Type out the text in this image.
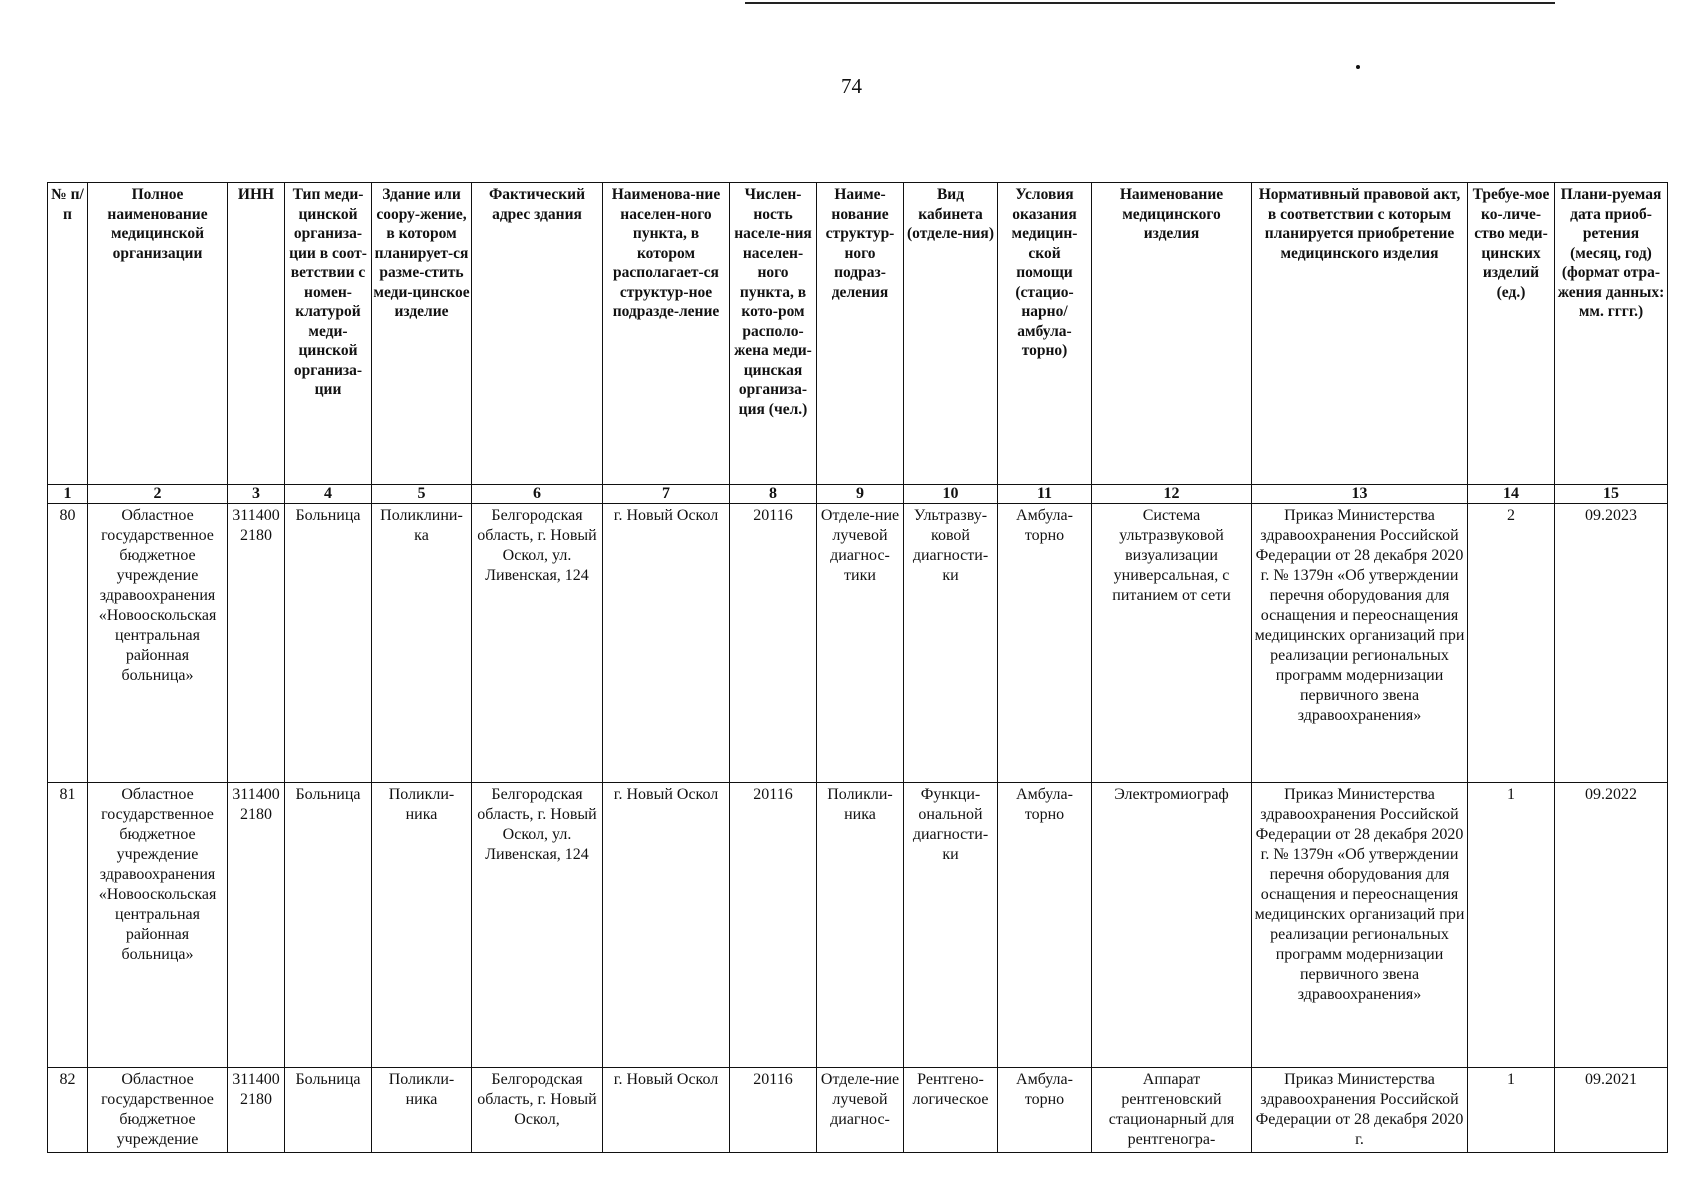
74
№ п/п	Полное наименование медицинской организации	ИНН	Тип меди-цинской организа-ции в соот-ветствии с номен-клатурой меди-цинской организа-ции	Здание или соору-жение, в котором планирует-ся разме-стить меди-цинское изделие	Фактический адрес здания	Наименова-ние населен-ного пункта, в котором располагает-ся структур-ное подразде-ление	Числен-ность населе-ния населен-ного пункта, в кото-ром располо-жена меди-цинская организа-ция (чел.)	Наиме-нование структур-ного подраз-деления	Вид кабинета (отделе-ния)	Условия оказания медицин-ской помощи (стацио-нарно/ амбула-торно)	Наименование медицинского изделия	Нормативный правовой акт, в соответствии с которым планируется приобретение медицинского изделия	Требуе-мое ко-личе-ство меди-цинских изделий (ед.)	Плани-руемая дата приоб-ретения (месяц, год) (формат отра-жения данных: мм. гггг.)
1	2	3	4	5	6	7	8	9	10	11	12	13	14	15
80	Областное государственное бюджетное учреждение здравоохранения «Новооскольская центральная районная больница»	3114002180	Больница	Поликлини-ка	Белгородская область, г. Новый Оскол, ул. Ливенская, 124	г. Новый Оскол	20116	Отделе-ние лучевой диагнос-тики	Ультразву-ковой диагности-ки	Амбула-торно	Система ультразвуковой визуализации универсальная, с питанием от сети	Приказ Министерства здравоохранения Российской Федерации от 28 декабря 2020 г. № 1379н «Об утверждении перечня оборудования для оснащения и переоснащения медицинских организаций при реализации региональных программ модернизации первичного звена здравоохранения»	2	09.2023
81	Областное государственное бюджетное учреждение здравоохранения «Новооскольская центральная районная больница»	3114002180	Больница	Поликли-ника	Белгородская область, г. Новый Оскол, ул. Ливенская, 124	г. Новый Оскол	20116	Поликли-ника	Функци-ональной диагности-ки	Амбула-торно	Электромиограф	Приказ Министерства здравоохранения Российской Федерации от 28 декабря 2020 г. № 1379н «Об утверждении перечня оборудования для оснащения и переоснащения медицинских организаций при реализации региональных программ модернизации первичного звена здравоохранения»	1	09.2022
82	Областное государственное бюджетное учреждение	3114002180	Больница	Поликли-ника	Белгородская область, г. Новый Оскол,	г. Новый Оскол	20116	Отделе-ние лучевой диагнос-	Рентгено-логическое	Амбула-торно	Аппарат рентгеновский стационарный для рентгеногра-	Приказ Министерства здравоохранения Российской Федерации от 28 декабря 2020 г.	1	09.2021
